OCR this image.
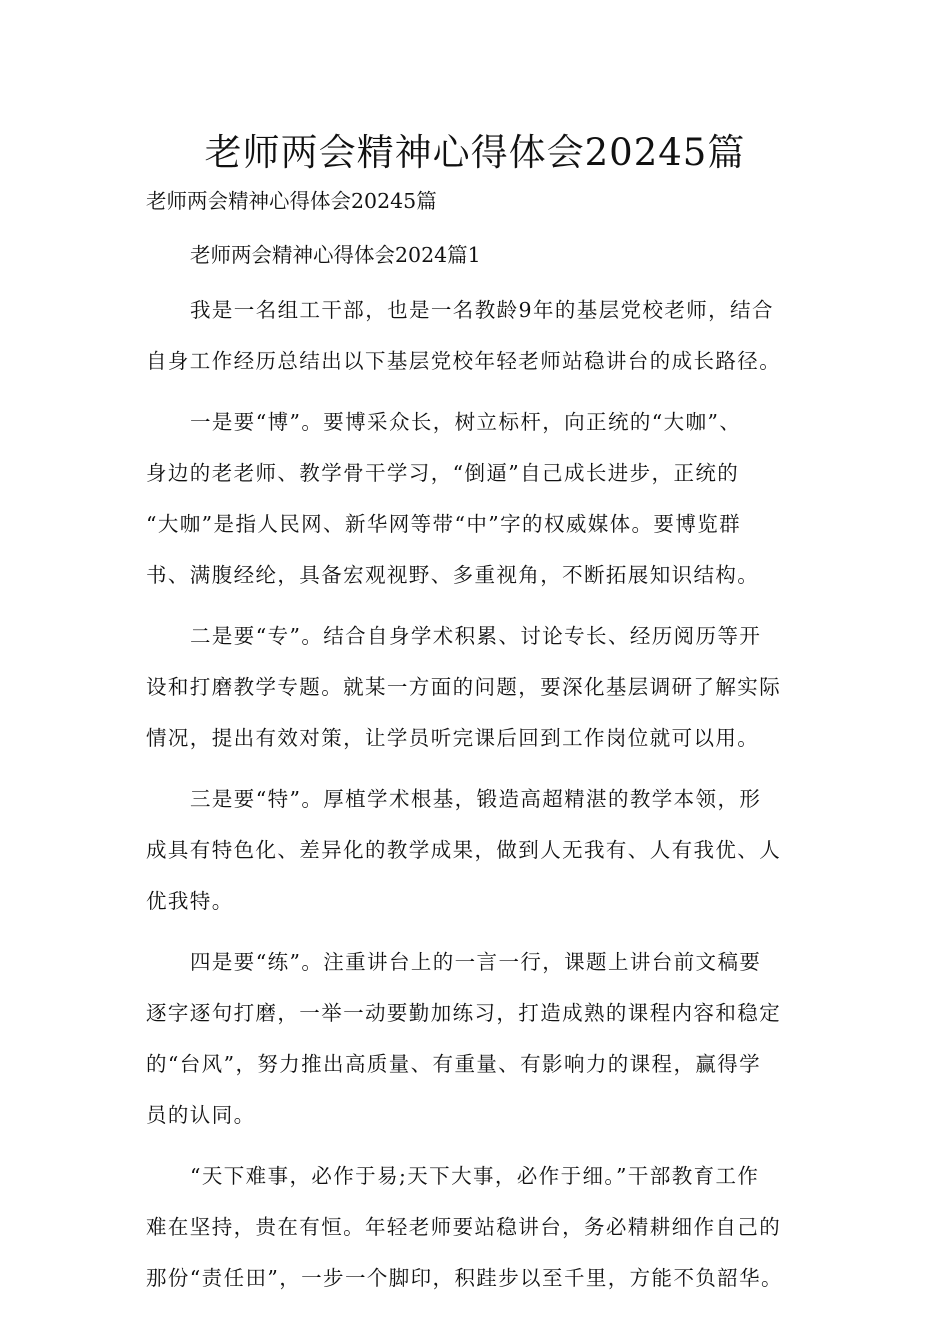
老师两会精神心得体会20245篇

老师两会精神心得体会20245篇

老师两会精神心得体会2024篇1

我是一名组工干部，也是一名教龄9年的基层党校老师，结合
自身工作经历总结出以下基层党校年轻老师站稳讲台的成长路径。

一是要“博”。要博采众长，树立标杆，向正统的“大咖”、
身边的老老师、教学骨干学习，“倒逼”自己成长进步，正统的
“大咖”是指人民网、新华网等带“中”字的权威媒体。要博览群
书、满腹经纶，具备宏观视野、多重视角，不断拓展知识结构。

二是要“专”。结合自身学术积累、讨论专长、经历阅历等开
设和打磨教学专题。就某一方面的问题，要深化基层调研了解实际
情况，提出有效对策，让学员听完课后回到工作岗位就可以用。

三是要“特”。厚植学术根基，锻造高超精湛的教学本领，形
成具有特色化、差异化的教学成果，做到人无我有、人有我优、人
优我特。

四是要“练”。注重讲台上的一言一行，课题上讲台前文稿要
逐字逐句打磨，一举一动要勤加练习，打造成熟的课程内容和稳定
的“台风”，努力推出高质量、有重量、有影响力的课程，赢得学
员的认同。

“天下难事，必作于易;天下大事，必作于细。”干部教育工作
难在坚持，贵在有恒。年轻老师要站稳讲台，务必精耕细作自己的
那份“责任田”，一步一个脚印，积跬步以至千里，方能不负韶华。
